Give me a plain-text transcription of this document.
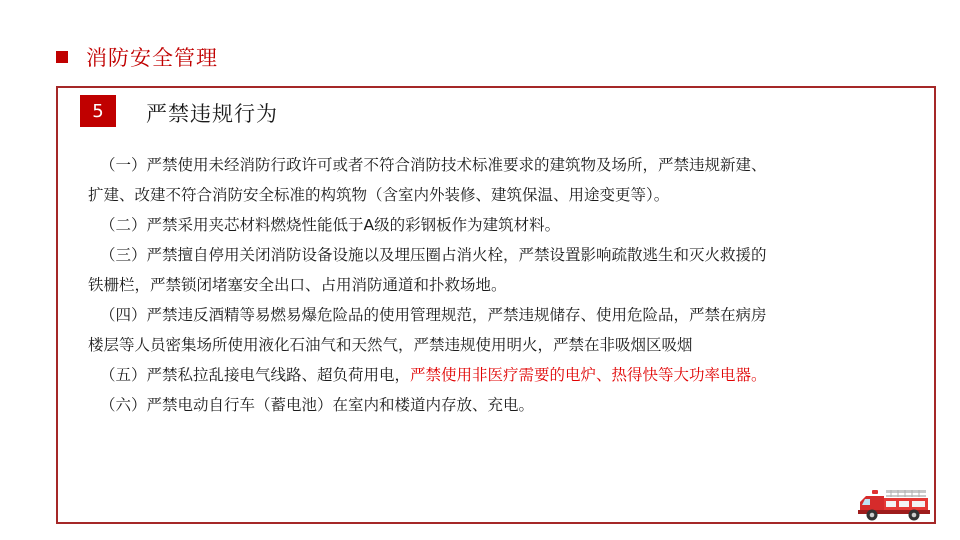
消防安全管理
5	严禁违规行为

（一）严禁使用未经消防行政许可或者不符合消防技术标准要求的建筑物及场所，严禁违规新建、

扩建、改建不符合消防安全标准的构筑物（含室内外装修、建筑保温、用途变更等）。

（二）严禁采用夹芯材料燃烧性能低于A级的彩钢板作为建筑材料。

（三）严禁擅自停用关闭消防设备设施以及埋压圈占消火栓，严禁设置影响疏散逃生和灭火救援的

铁栅栏，严禁锁闭堵塞安全出口、占用消防通道和扑救场地。

（四）严禁违反酒精等易燃易爆危险品的使用管理规范，严禁违规储存、使用危险品，严禁在病房

楼层等人员密集场所使用液化石油气和天然气，严禁违规使用明火，严禁在非吸烟区吸烟

（五）严禁私拉乱接电气线路、超负荷用电，严禁使用非医疗需要的电炉、热得快等大功率电器。

（六）严禁电动自行车（蓄电池）在室内和楼道内存放、充电。
